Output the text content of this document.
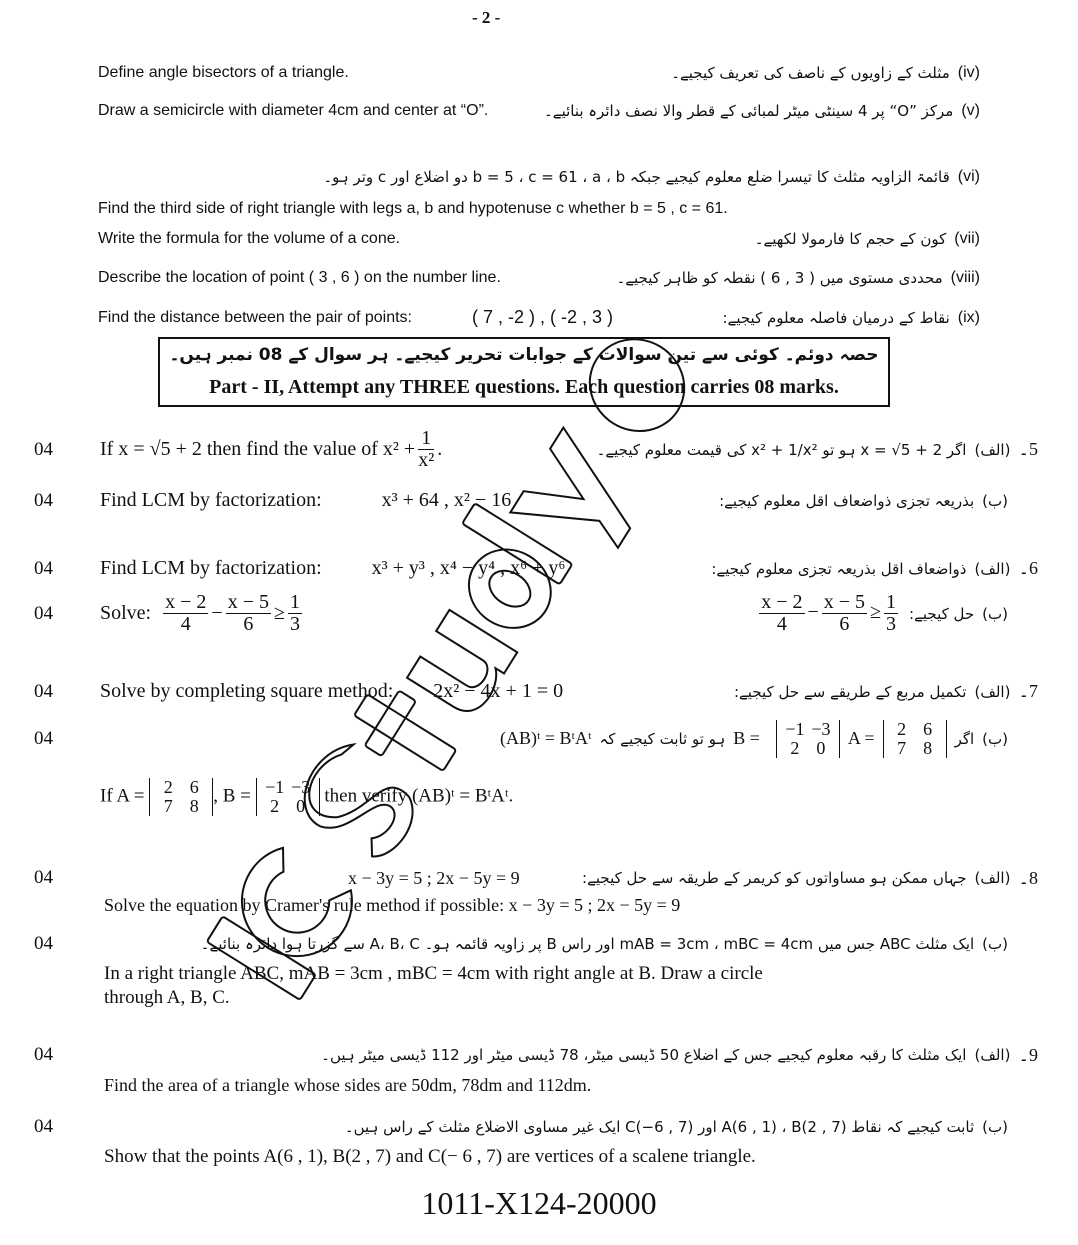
- 2 -
Define angle bisectors of a triangle.	(iv)
مثلث کے زاویوں کے ناصف کی تعریف کیجیے۔
Draw a semicircle with diameter 4cm and center at “O”.	(v)
مرکز ”O“ پر 4 سینٹی میٹر لمبائی کے قطر والا نصف دائرہ بنائیے۔
(vi)
قائمۃ الزاویہ مثلث کا تیسرا ضلع معلوم کیجیے جبکہ b = 5 ، c = 61 ، a ، b دو اضلاع اور c وتر ہو۔
Find the third side of right triangle with legs a, b and hypotenuse c whether b = 5 , c = 61.
Write the formula for the volume of a cone.	(vii)
کون کے حجم کا فارمولا لکھیے۔
Describe the location of point ( 3 , 6 ) on the number line.	(viii)
محددی مستوی میں ( 3 , 6 ) نقطہ کو ظاہر کیجیے۔
Find the distance between the pair of points:	( 7 , -2 ) , ( -2 , 3 )	(ix)
نقاط کے درمیان فاصلہ معلوم کیجیے:
حصہ دوئم۔ کوئی سے تین سوالات کے جوابات تحریر کیجیے۔ ہر سوال کے 08 نمبر ہیں۔
Part - II, Attempt any THREE questions. Each question carries 08 marks.
04	If x = √5 + 2 then find the value of $x^2 + \frac{1}{\text{x²}}$ .	5۔
(الف)
اگر x = √5 + 2 ہو تو x² + 1/x² کی قیمت معلوم کیجیے۔
04	Find LCM by factorization:	x³ + 64 , x² − 16	(ب)
بذریعہ تجزی ذواضعاف اقل معلوم کیجیے:
04	Find LCM by factorization:	x³ + y³ , x⁴ − y⁴ , x⁶ + y⁶	6۔
(الف)
ذواضعاف اقل بذریعہ تجزی معلوم کیجیے:
04	Solve: $\frac{x - 2}{4} - \frac{x - 5}{6} \ge \frac{1}{3}$	(ب)
حل کیجیے:
$\frac{x - 2}{4} - \frac{x - 5}{6} \ge \frac{1}{3}$
04	Solve by completing square method: 2x² − 4x + 1 = 0	7۔
(الف)
تکمیل مربع کے طریقے سے حل کیجیے:
04	(ب)
اگر
2 6
7 8
A =
−1 −3
2 0
B =
ہو تو ثابت کیجیے کہ
(AB)ᵗ = BᵗAᵗ
If A = 2 6
7 8 , B = −1 −3
2 0 then verify (AB)ᵗ = BᵗAᵗ.
04	x − 3y = 5 ; 2x − 5y = 9	8۔
(الف)
جہاں ممکن ہو مساواتوں کو کریمر کے طریقہ سے حل کیجیے:
Solve the equation by Cramer's rule method if possible: x − 3y = 5 ; 2x − 5y = 9
04	(ب)
ایک مثلث ABC جس میں mAB = 3cm ، mBC = 4cm اور راس B پر زاویہ قائمہ ہو۔ A، B، C سے گزرتا ہوا دائرہ بنائیے۔
In a right triangle ABC, mAB = 3cm , mBC = 4cm with right angle at B. Draw a circle
through A, B, C.
04	9۔
(الف)
ایک مثلث کا رقبہ معلوم کیجیے جس کے اضلاع 50 ڈیسی میٹر، 78 ڈیسی میٹر اور 112 ڈیسی میٹر ہیں۔
Find the area of a triangle whose sides are 50dm, 78dm and 112dm.
04	(ب)
ثابت کیجیے کہ نقاط A(6 , 1) ، B(2 , 7) اور C(−6 , 7) ایک غیر مساوی الاضلاع مثلث کے راس ہیں۔
Show that the points A(6 , 1), B(2 , 7) and C(− 6 , 7) are vertices of a scalene triangle.
1011-X124-20000
